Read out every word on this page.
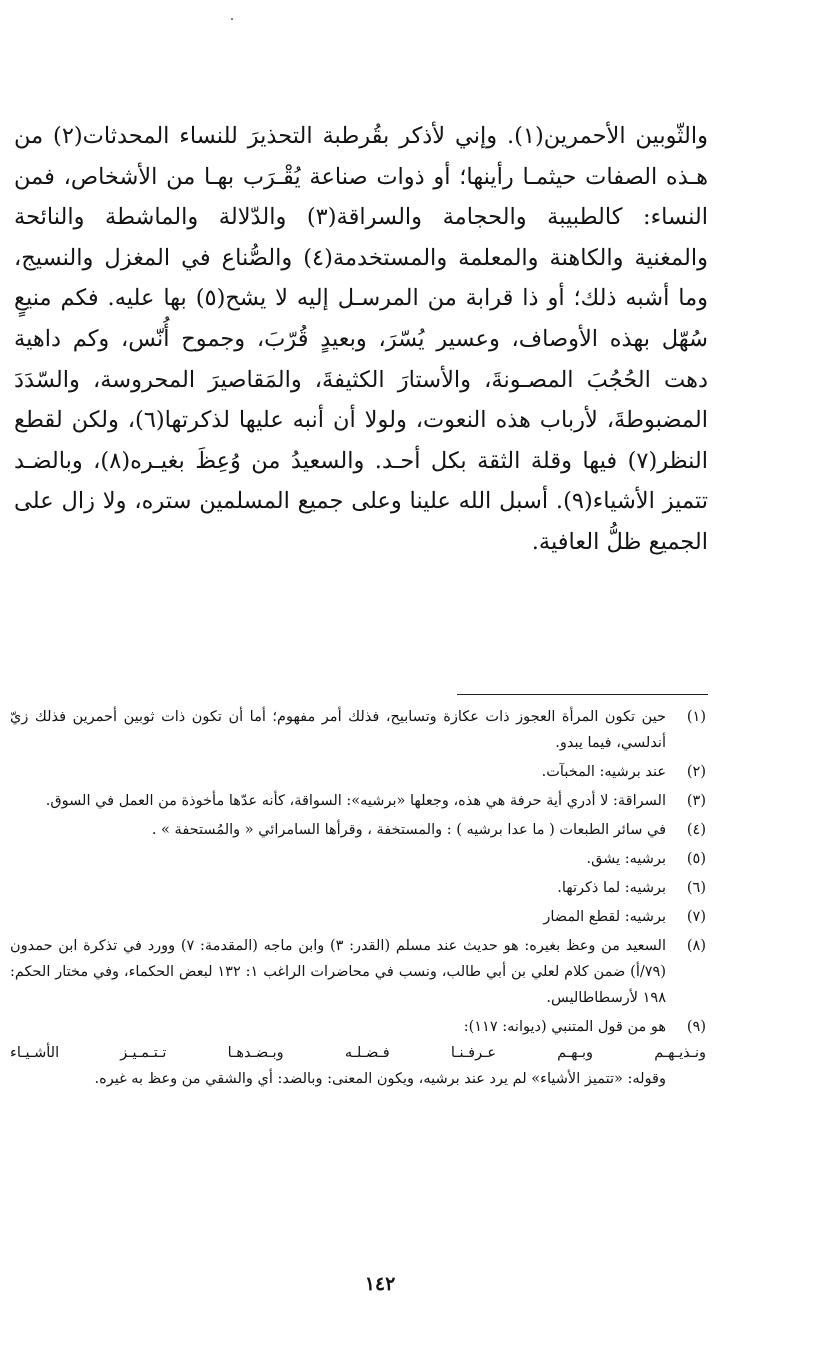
والثّوبين الأحمرين(١). وإني لأذكر بقُرطبة التحذيرَ للنساء المحدثات(٢) من هـذه الصفات حيثمـا رأينها؛ أو ذوات صناعة يُقْـرَب بهـا من الأشخاص، فمن النساء: كالطبيبة والحجامة والسراقة(٣) والدّلالة والماشطة والنائحة والمغنية والكاهنة والمعلمة والمستخدمة(٤) والصُّناع في المغزل والنسيج، وما أشبه ذلك؛ أو ذا قرابة من المرسـل إليه لا يشح(٥) بها عليه. فكم منيعٍ سُهّل بهذه الأوصاف، وعسير يُسّرَ، وبعيدٍ قُرّبَ، وجموح أُنّس، وكم داهية دهت الحُجُبَ المصـونةَ، والأستارَ الكثيفةَ، والمَقاصيرَ المحروسة، والسّدَدَ المضبوطةَ، لأرباب هذه النعوت، ولولا أن أنبه عليها لذكرتها(٦)، ولكن لقطع النظر(٧) فيها وقلة الثقة بكل أحـد. والسعيدُ من وُعِظَ بغيـره(٨)، وبالضـد تتميز الأشياء(٩). أسبل الله علينا وعلى جميع المسلمين ستره، ولا زال على الجميع ظلُّ العافية.

(١)
حين تكون المرأة العجوز ذات عكازة وتسابيح، فذلك أمر مفهوم؛ أما أن تكون ذات ثوبين أحمرين فذلك زيّ أندلسي، فيما يبدو.
(٢)
عند برشيه: المخبآت.
(٣)
السراقة: لا أدري أية حرفة هي هذه، وجعلها «برشيه»: السواقة، كأنه عدّها مأخوذة من العمل في السوق.
(٤)
في سائر الطبعات ( ما عدا برشيه ) : والمستخفة ، وقرأها السامرائي « والمُستحفة » .
(٥)
برشيه: يشق.
(٦)
برشيه: لما ذكرتها.
(٧)
برشيه: لقطع المضار
(٨)
السعيد من وعظ بغيره: هو حديث عند مسلم (القدر: ٣) وابن ماجه (المقدمة: ٧) وورد في تذكرة ابن حمدون (٧٩/أ) ضمن كلام لعلي بن أبي طالب، ونسب في محاضرات الراغب ١: ١٣٢ لبعض الحكماء، وفي مختار الحكم: ١٩٨ لأرسطاطاليس.
(٩)
هو من قول المتنبي (ديوانه: ١١٧):
ونـذيـهـم وبـهـم عـرفـنـا فـضـلـه وبـضـدهـا تـتـمـيـز الأشـيـاء
وقوله: «تتميز الأشياء» لم يرد عند برشيه، ويكون المعنى: وبالضد: أي والشقي من وعظ به غيره.
١٤٢
